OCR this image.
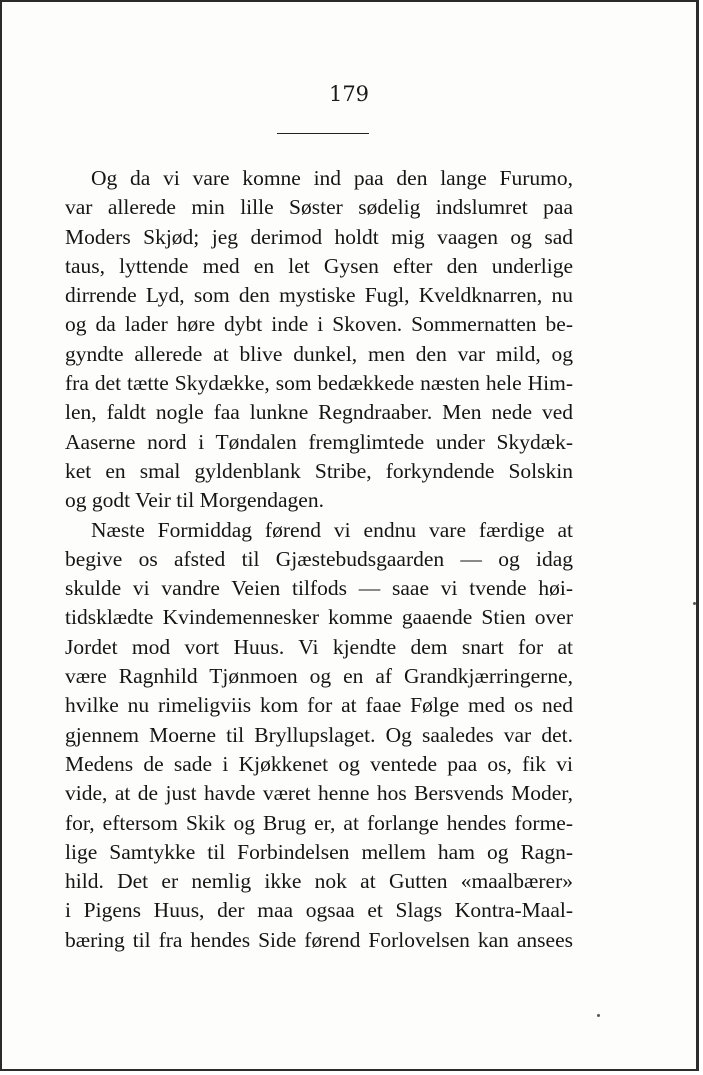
179
Og da vi vare komne ind paa den lange Furumo,
var allerede min lille Søster sødelig indslumret paa
Moders Skjød; jeg derimod holdt mig vaagen og sad
taus, lyttende med en let Gysen efter den underlige
dirrende Lyd, som den mystiske Fugl, Kveldknarren, nu
og da lader høre dybt inde i Skoven. Sommernatten be-
gyndte allerede at blive dunkel, men den var mild, og
fra det tætte Skydække, som bedækkede næsten hele Him-
len, faldt nogle faa lunkne Regndraaber. Men nede ved
Aaserne nord i Tøndalen fremglimtede under Skydæk-
ket en smal gyldenblank Stribe, forkyndende Solskin
og godt Veir til Morgendagen.
Næste Formiddag førend vi endnu vare færdige at
begive os afsted til Gjæstebudsgaarden — og idag
skulde vi vandre Veien tilfods — saae vi tvende høi-
tidsklædte Kvindemennesker komme gaaende Stien over
Jordet mod vort Huus. Vi kjendte dem snart for at
være Ragnhild Tjønmoen og en af Grandkjærringerne,
hvilke nu rimeligviis kom for at faae Følge med os ned
gjennem Moerne til Bryllupslaget. Og saaledes var det.
Medens de sade i Kjøkkenet og ventede paa os, fik vi
vide, at de just havde været henne hos Bersvends Moder,
for, eftersom Skik og Brug er, at forlange hendes forme-
lige Samtykke til Forbindelsen mellem ham og Ragn-
hild. Det er nemlig ikke nok at Gutten «maalbærer»
i Pigens Huus, der maa ogsaa et Slags Kontra-Maal-
bæring til fra hendes Side førend Forlovelsen kan ansees
